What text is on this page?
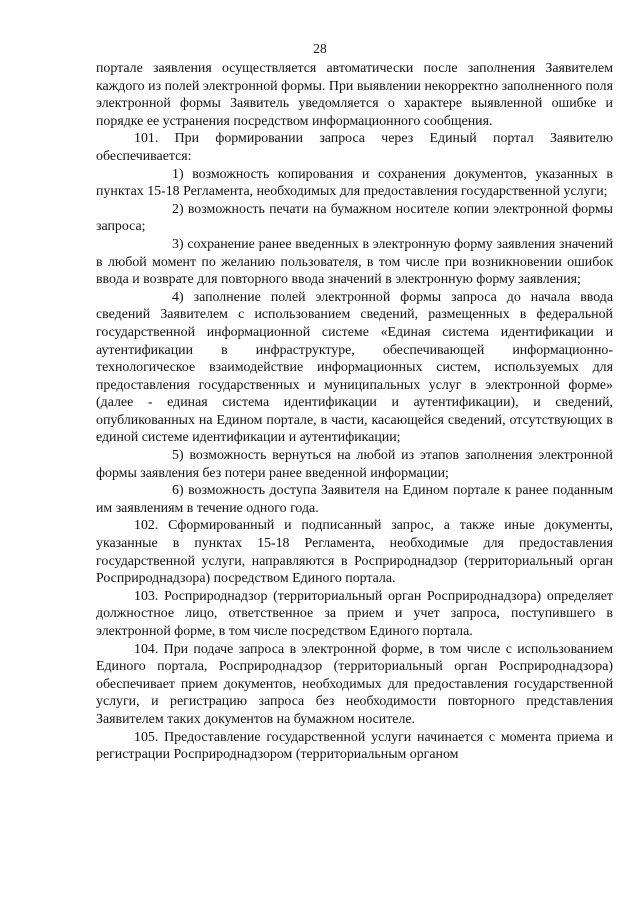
28

портале заявления осуществляется автоматически после заполнения Заявителем каждого из полей электронной формы. При выявлении некорректно заполненного поля электронной формы Заявитель уведомляется о характере выявленной ошибке и порядке ее устранения посредством информационного сообщения.

101. При формировании запроса через Единый портал Заявителю обеспечивается:

1) возможность копирования и сохранения документов, указанных в пунктах 15-18 Регламента, необходимых для предоставления государственной услуги;

2) возможность печати на бумажном носителе копии электронной формы запроса;

3) сохранение ранее введенных в электронную форму заявления значений в любой момент по желанию пользователя, в том числе при возникновении ошибок ввода и возврате для повторного ввода значений в электронную форму заявления;

4) заполнение полей электронной формы запроса до начала ввода сведений Заявителем с использованием сведений, размещенных в федеральной государственной информационной системе «Единая система идентификации и аутентификации в инфраструктуре, обеспечивающей информационно-технологическое взаимодействие информационных систем, используемых для предоставления государственных и муниципальных услуг в электронной форме» (далее - единая система идентификации и аутентификации), и сведений, опубликованных на Едином портале, в части, касающейся сведений, отсутствующих в единой системе идентификации и аутентификации;

5) возможность вернуться на любой из этапов заполнения электронной формы заявления без потери ранее введенной информации;

6) возможность доступа Заявителя на Едином портале к ранее поданным им заявлениям в течение одного года.

102. Сформированный и подписанный запрос, а также иные документы, указанные в пунктах 15-18 Регламента, необходимые для предоставления государственной услуги, направляются в Росприроднадзор (территориальный орган Росприроднадзора) посредством Единого портала.

103. Росприроднадзор (территориальный орган Росприроднадзора) определяет должностное лицо, ответственное за прием и учет запроса, поступившего в электронной форме, в том числе посредством Единого портала.

104. При подаче запроса в электронной форме, в том числе с использованием Единого портала, Росприроднадзор (территориальный орган Росприроднадзора) обеспечивает прием документов, необходимых для предоставления государственной услуги, и регистрацию запроса без необходимости повторного представления Заявителем таких документов на бумажном носителе.

105. Предоставление государственной услуги начинается с момента приема и регистрации Росприроднадзором (территориальным органом
